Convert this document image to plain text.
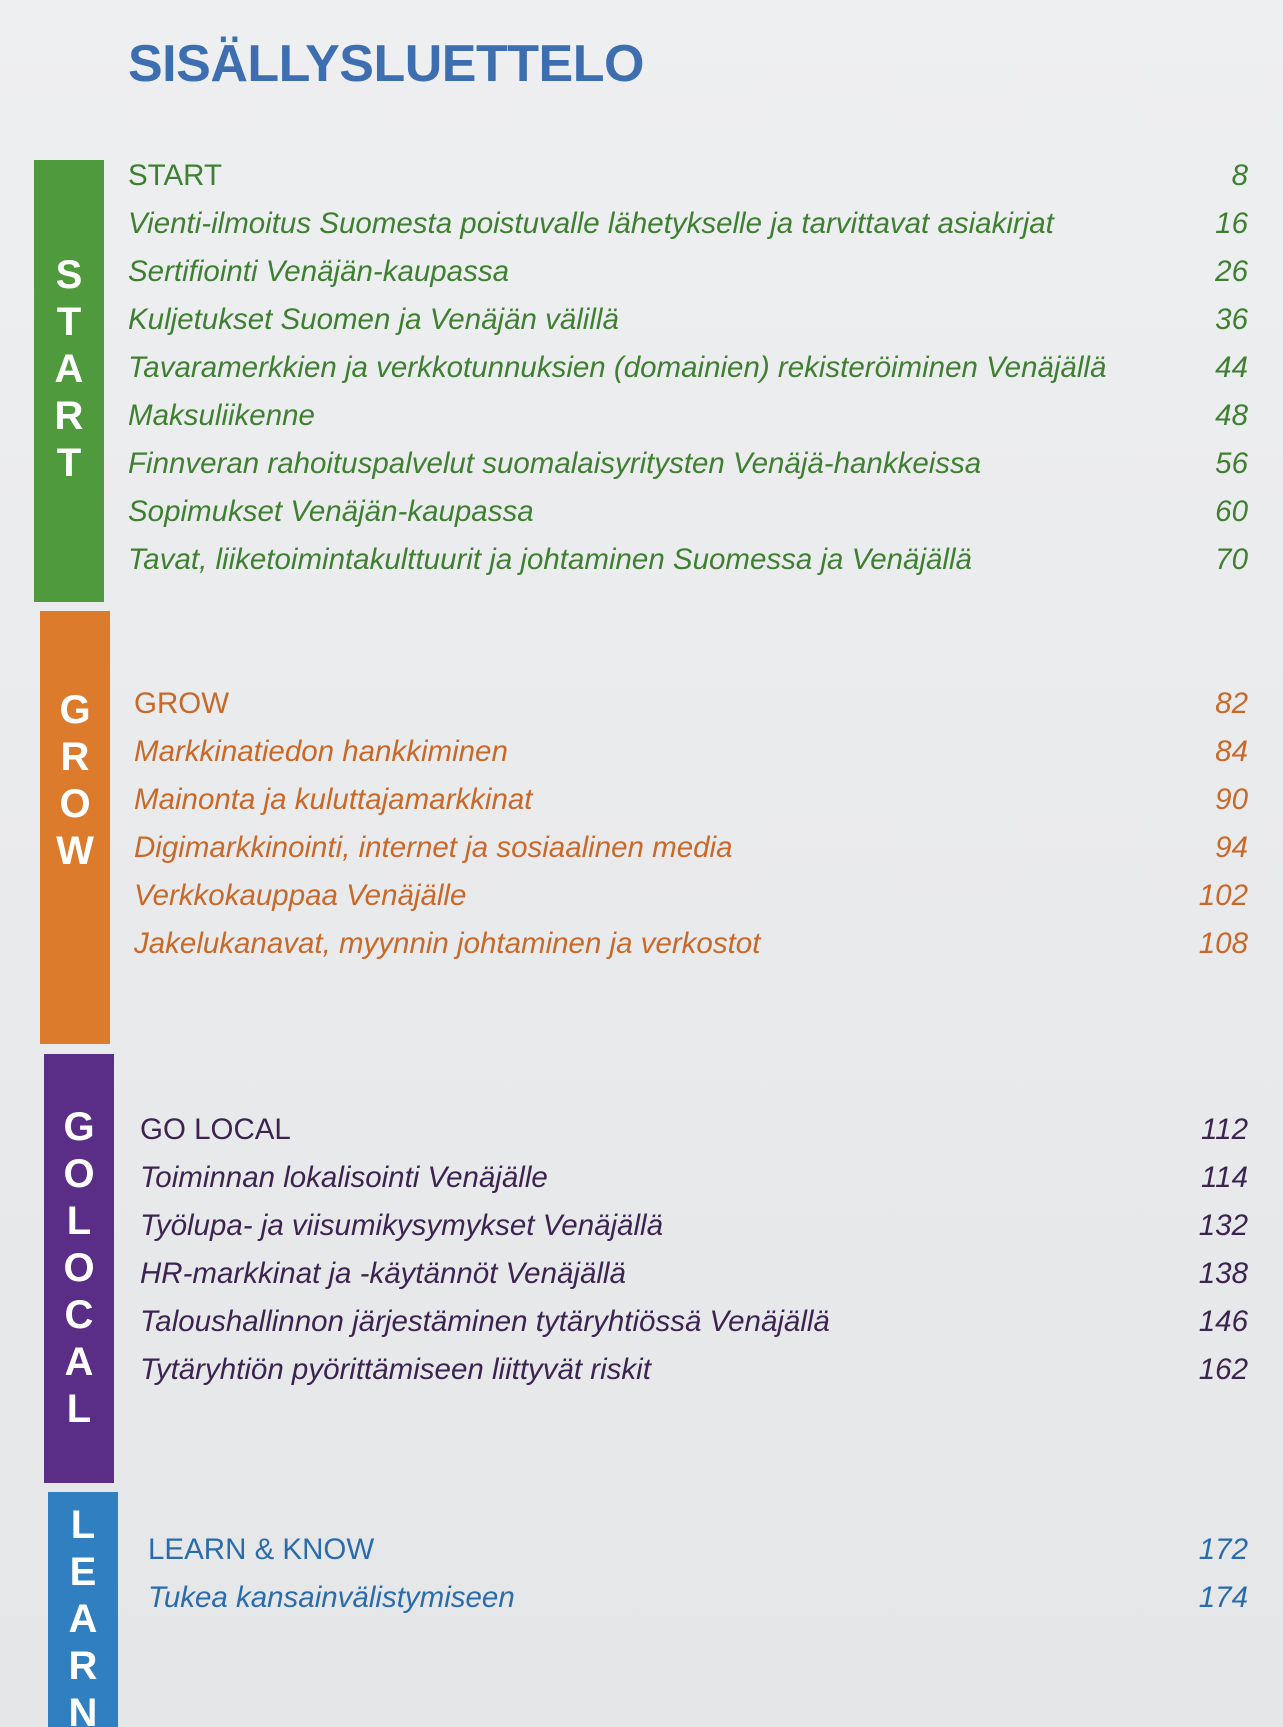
SISÄLLYSLUETTELO
S
T
A
R
T
START	8
Vienti-ilmoitus Suomesta poistuvalle lähetykselle ja tarvittavat asiakirjat	16
Sertifiointi Venäjän-kaupassa	26
Kuljetukset Suomen ja Venäjän välillä	36
Tavaramerkkien ja verkkotunnuksien (domainien) rekisteröiminen Venäjällä	44
Maksuliikenne	48
Finnveran rahoituspalvelut suomalaisyritysten Venäjä-hankkeissa	56
Sopimukset Venäjän-kaupassa	60
Tavat, liiketoimintakulttuurit ja johtaminen Suomessa ja Venäjällä	70
G
R
O
W
GROW	82
Markkinatiedon hankkiminen	84
Mainonta ja kuluttajamarkkinat	90
Digimarkkinointi, internet ja sosiaalinen media	94
Verkkokauppaa Venäjälle	102
Jakelukanavat, myynnin johtaminen ja verkostot	108
G
O
L
O
C
A
L
GO LOCAL	112
Toiminnan lokalisointi Venäjälle	114
Työlupa- ja viisumikysymykset Venäjällä	132
HR-markkinat ja -käytännöt Venäjällä	138
Taloushallinnon järjestäminen tytäryhtiössä Venäjällä	146
Tytäryhtiön pyörittämiseen liittyvät riskit	162
L
E
A
R
N
LEARN & KNOW	172
Tukea kansainvälistymiseen	174
